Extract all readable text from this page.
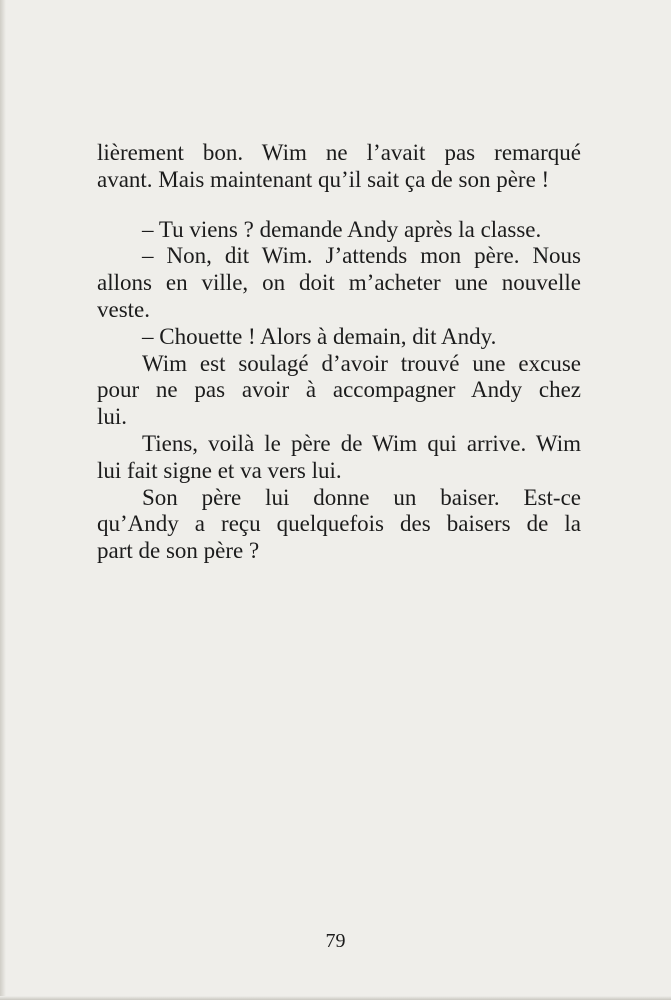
lièrement bon. Wim ne l’avait pas remarqué
avant. Mais maintenant qu’il sait ça de son père !
– Tu viens ? demande Andy après la classe.
– Non, dit Wim. J’attends mon père. Nous
allons en ville, on doit m’acheter une nouvelle
veste.
– Chouette ! Alors à demain, dit Andy.
Wim est soulagé d’avoir trouvé une excuse
pour ne pas avoir à accompagner Andy chez
lui.
Tiens, voilà le père de Wim qui arrive. Wim
lui fait signe et va vers lui.
Son père lui donne un baiser. Est-ce
qu’Andy a reçu quelquefois des baisers de la
part de son père ?
79
